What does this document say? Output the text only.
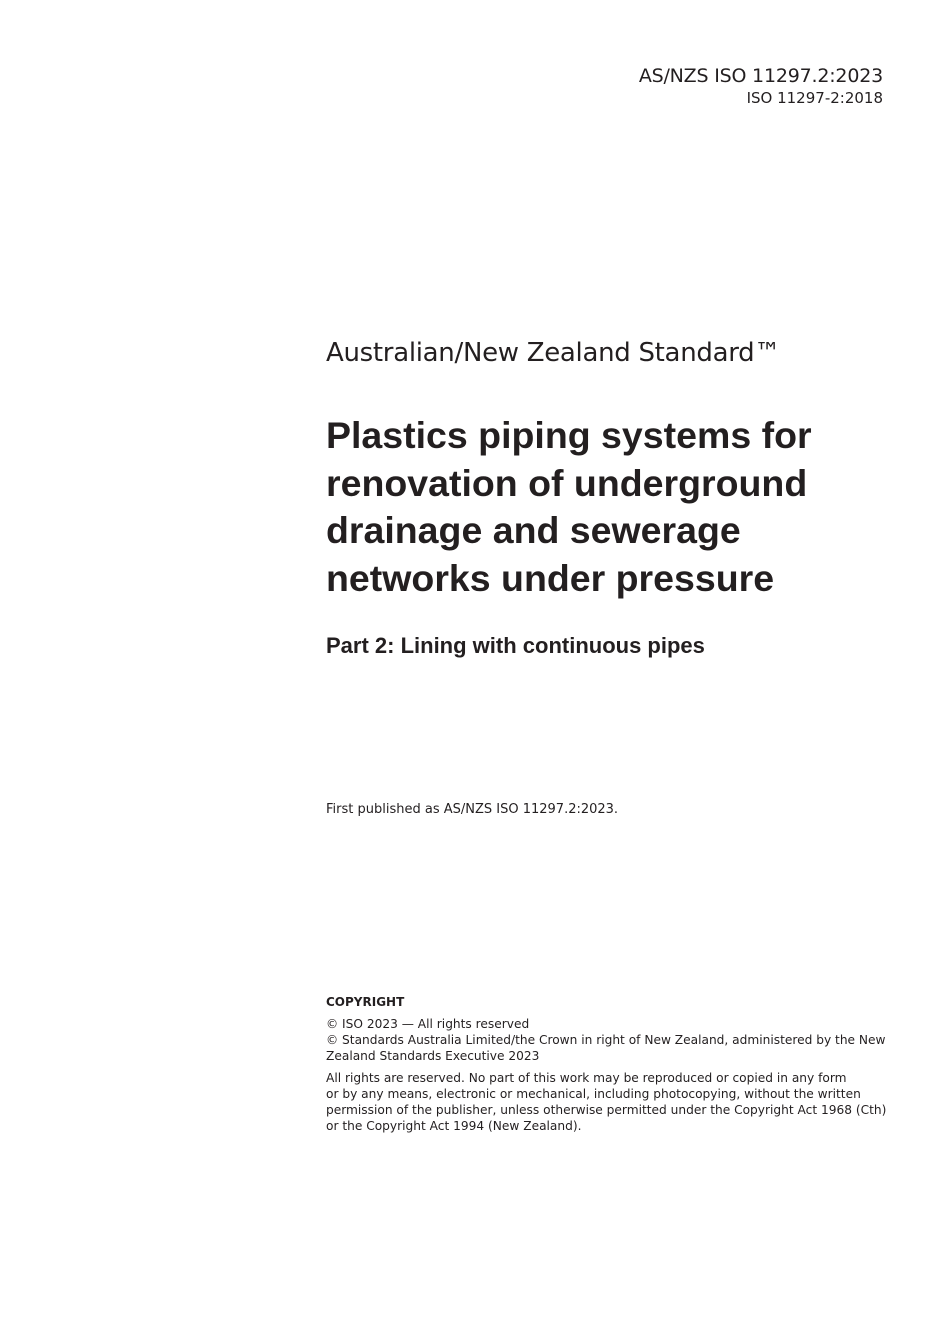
AS/NZS ISO 11297.2:2023
ISO 11297-2:2018
Australian/New Zealand Standard™
Plastics piping systems for
renovation of underground
drainage and sewerage
networks under pressure
Part 2: Lining with continuous pipes
First published as AS/NZS ISO 11297.2:2023.
COPYRIGHT
© ISO 2023 — All rights reserved
© Standards Australia Limited/the Crown in right of New Zealand, administered by the New
Zealand Standards Executive 2023
All rights are reserved. No part of this work may be reproduced or copied in any form
or by any means, electronic or mechanical, including photocopying, without the written
permission of the publisher, unless otherwise permitted under the Copyright Act 1968 (Cth)
or the Copyright Act 1994 (New Zealand).
